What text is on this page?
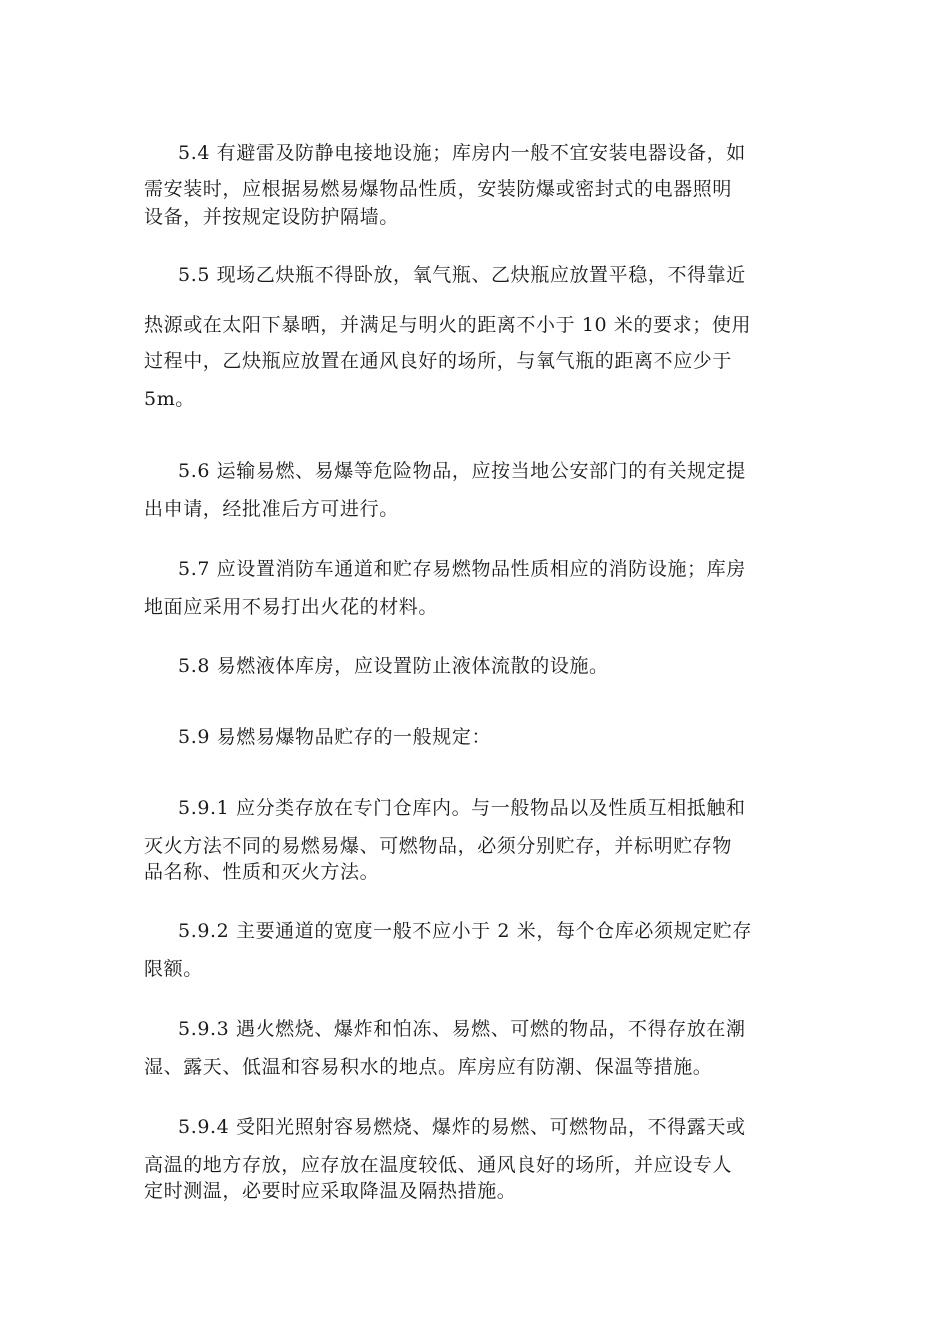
5.4 有避雷及防静电接地设施；库房内一般不宜安装电器设备，如
需安装时，应根据易燃易爆物品性质，安装防爆或密封式的电器照明
设备，并按规定设防护隔墙。
5.5 现场乙炔瓶不得卧放，氧气瓶、乙炔瓶应放置平稳，不得靠近
热源或在太阳下暴晒，并满足与明火的距离不小于 10 米的要求；使用
过程中，乙炔瓶应放置在通风良好的场所，与氧气瓶的距离不应少于
5m。
5.6 运输易燃、易爆等危险物品，应按当地公安部门的有关规定提
出申请，经批准后方可进行。
5.7 应设置消防车通道和贮存易燃物品性质相应的消防设施；库房
地面应采用不易打出火花的材料。
5.8 易燃液体库房，应设置防止液体流散的设施。
5.9 易燃易爆物品贮存的一般规定：
5.9.1 应分类存放在专门仓库内。与一般物品以及性质互相抵触和
灭火方法不同的易燃易爆、可燃物品，必须分别贮存，并标明贮存物
品名称、性质和灭火方法。
5.9.2 主要通道的宽度一般不应小于 2 米，每个仓库必须规定贮存
限额。
5.9.3 遇火燃烧、爆炸和怕冻、易燃、可燃的物品，不得存放在潮
湿、露天、低温和容易积水的地点。库房应有防潮、保温等措施。
5.9.4 受阳光照射容易燃烧、爆炸的易燃、可燃物品，不得露天或
高温的地方存放，应存放在温度较低、通风良好的场所，并应设专人
定时测温，必要时应采取降温及隔热措施。
